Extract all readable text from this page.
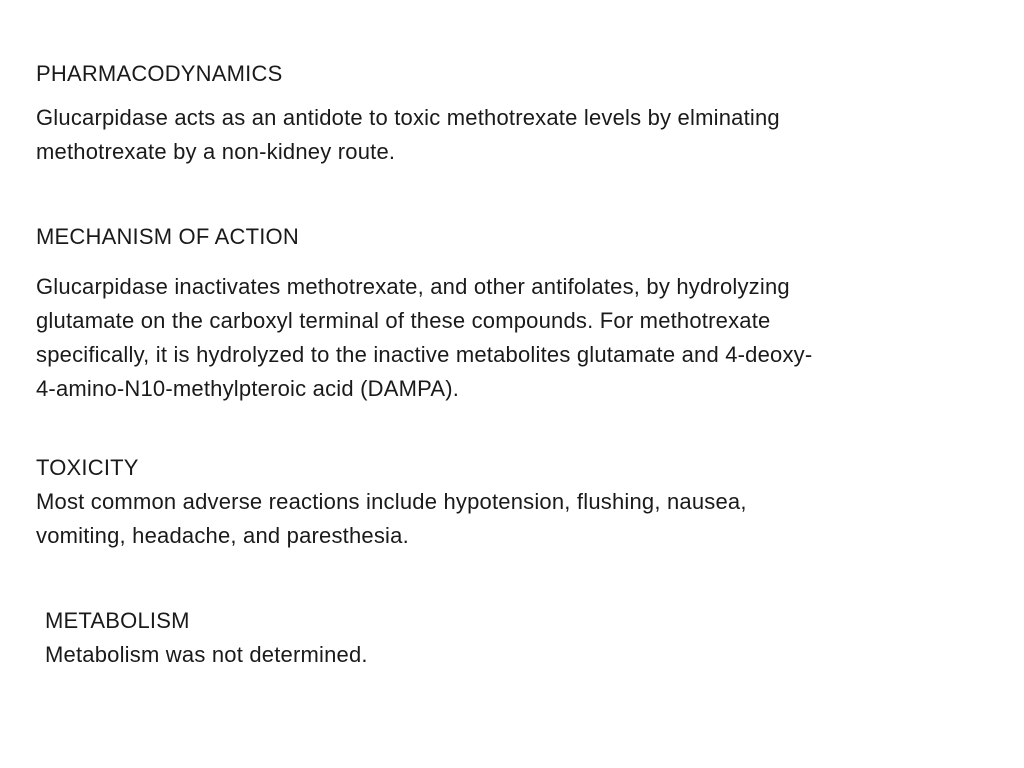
PHARMACODYNAMICS
Glucarpidase acts as an antidote to toxic methotrexate levels by elminating
methotrexate by a non-kidney route.
MECHANISM OF ACTION
Glucarpidase inactivates methotrexate, and other antifolates, by hydrolyzing
glutamate on the carboxyl terminal of these compounds. For methotrexate
specifically, it is hydrolyzed to the inactive metabolites glutamate and 4-deoxy-
4-amino-N10-methylpteroic acid (DAMPA).
TOXICITY
Most common adverse reactions include hypotension, flushing, nausea,
vomiting, headache, and paresthesia.
METABOLISM
Metabolism was not determined.
